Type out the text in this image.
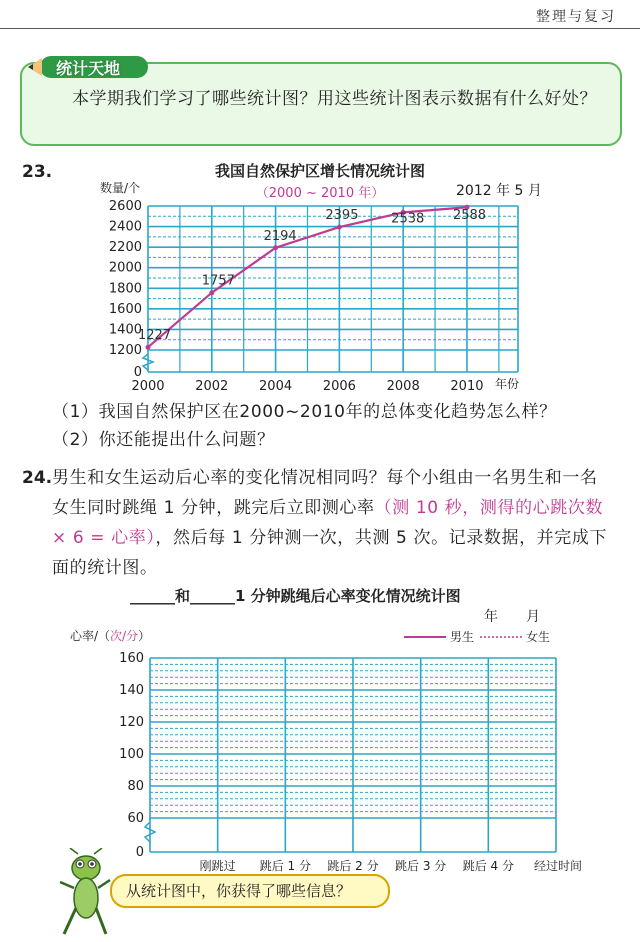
整理与复习
统计天地
本学期我们学习了哪些统计图？用这些统计图表示数据有什么好处？
23.	我国自然保护区增长情况统计图
（2000 ~ 2010 年）	2012 年 5 月
0
1200
1400
1600
1800
2000
2200
2400
2600
数量/个
2000 2002 2004 2006 2008 2010 年份
1227
1757
2194
2395	2538 2588
（1）我国自然保护区在2000~2010年的总体变化趋势怎么样？
（2）你还能提出什么问题？
24. 男生和女生运动后心率的变化情况相同吗？每个小组由一名男生和一名女生同时跳绳 1 分钟，跳完后立即测心率（测 10 秒，测得的心跳次数 × 6 = 心率），然后每 1 分钟测一次，共测 5 次。记录数据，并完成下面的统计图。
______和______1 分钟跳绳后心率变化情况统计图
年　　月
0
60
80
100
120
140
160
心率/（次/分）	男生	女生
刚跳过 跳后 1 分 跳后 2 分 跳后 3 分 跳后 4 分 经过时间
从统计图中，你获得了哪些信息？
